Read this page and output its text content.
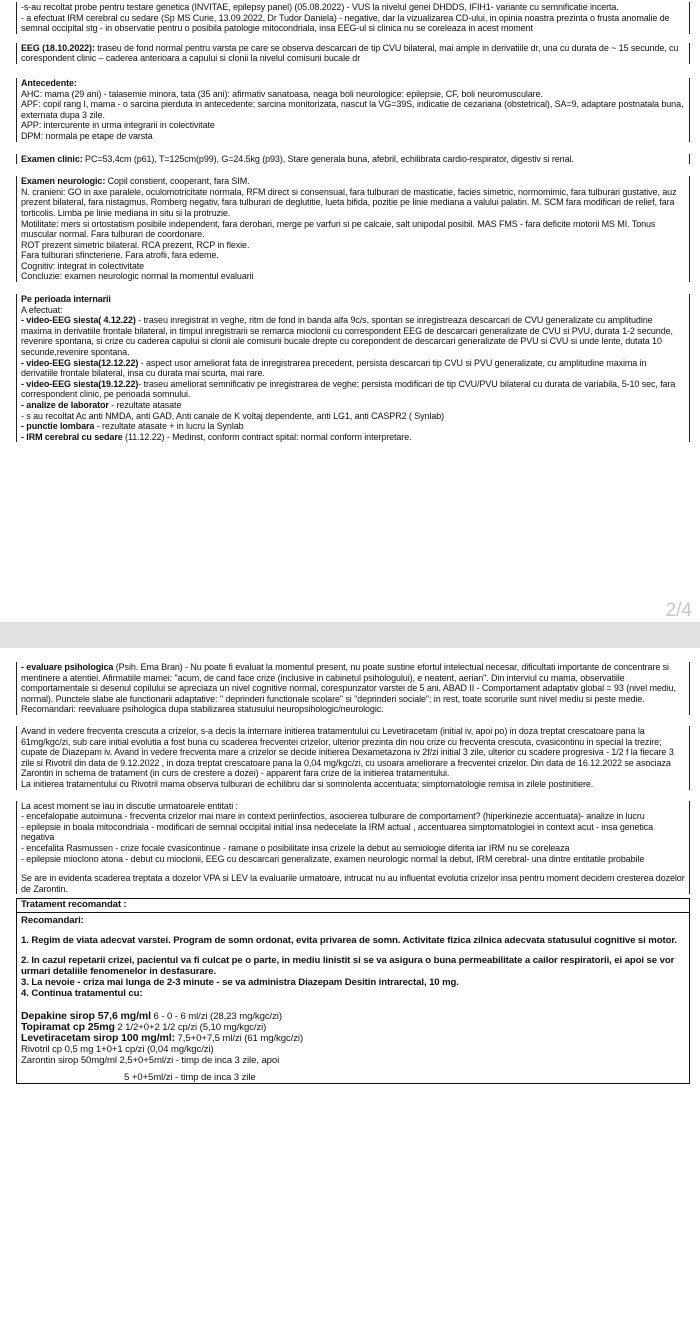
-s-au recoltat probe pentru testare genetica (INVITAE, epilepsy panel) (05.08.2022) - VUS la nivelul genei DHDDS, IFIH1- variante cu semnificatie incerta.

- a efectuat IRM cerebral cu sedare (Sp MS Curie, 13.09.2022, Dr Tudor Daniela) - negative, dar la vizualizarea CD-ului, in opinia noastra prezinta o frusta anomalie de semnal occipital stg - in observatie pentru o posibila patologie mitocondriala, insa EEG-ul si clinica nu se coreleaza in acest moment

EEG (18.10.2022): traseu de fond normal pentru varsta pe care se observa descarcari de tip CVU bilateral, mai ample in derivatiile dr, una cu durata de ~ 15 secunde, cu corespondent clinic – caderea anterioara a capului si clonii la nivelul comisurii bucale dr

Antecedente:

AHC: mama (29 ani) - talasemie minora, tata (35 ani): afirmativ sanatoasa, neaga boli neurologice: epilepsie, CF, boli neuromusculare.

APF: copil rang I, mama - o sarcina pierduta in antecedente; sarcina monitorizata, nascut la VG=39S, indicatie de cezariana (obstetrical), SA=9, adaptare postnatala buna, externata dupa 3 zile.

APP: intercurente in urma integrarii in colectivitate

DPM: normala pe etape de varsta

Examen clinic: PC=53,4cm (p61), T=125cm(p99), G=24.5kg (p93), Stare generala buna, afebril, echilibrata cardio-respirator, digestiv si renal.

Examen neurologic: Copil constient, cooperant, fara SIM.

N. cranieni: GO in axe paralele, oculomotricitate normala, RFM direct si consensual, fara tulburari de masticatie, facies simetric, normomimic, fara tulburari gustative, auz prezent bilateral, fara nistagmus, Romberg negativ, fara tulburari de deglutitie, lueta bifida, pozitie pe linie mediana a valului palatin. M. SCM fara modificari de relief, fara torticolis. Limba pe linie mediana in situ si la protruzie.

Motilitate: mers si ortostatism posibile independent, fara derobari, merge pe varfuri si pe calcaie, salt unipodal posibil. MAS FMS - fara deficite motorii MS MI. Tonus muscular normal. Fara tulburari de coordonare.

ROT prezent simetric bilateral. RCA prezent, RCP in flexie.

Fara tulburari sfincteriene. Fara atrofii, fara edeme.

Cognitiv: integrat in colectivitate

Concluzie: examen neurologic normal la momentul evaluarii

Pe perioada internarii

A efectuat:

- video-EEG siesta( 4.12.22) - traseu inregistrat in veghe, ritm de fond in banda alfa 9c/s, spontan se inregistreaza descarcari de CVU generalizate cu amplitudine maxima in derivatiile frontale bilateral, in timpul inregistrarii se remarca mioclonii cu correspondent EEG de descarcari generalizate de CVU si PVU, durata 1-2 secunde, revenire spontana, si crize cu caderea capului si clonii ale comisurii bucale drepte cu corepondent de descarcari generalizate de PVU si CVU si unde lente, dutata 10 secunde,revenire spontana.

- video-EEG siesta(12.12.22) - aspect usor ameliorat fata de inregistrarea precedent, persista descarcari tip CVU si PVU generalizate, cu amplitudine maxima in derivatiile frontale bilateral, insa cu durata mai scurta, mai rare.

- video-EEG siesta(19.12.22)- traseu ameliorat semnificativ pe inregistrarea de veghe; persista modificari de tip CVU/PVU bilateral cu durata de variabila, 5-10 sec, fara correspondent clinic, pe perioada somnului.

- analize de laborator - rezultate atasate

- s au recoltat Ac anti NMDA, anti GAD, Anti canale de K voltaj dependente, anti LG1, anti CASPR2 ( Synlab)

- punctie lombara - rezultate atasate + in lucru la Synlab

- IRM cerebral cu sedare (11.12.22) - Medinst, conform contract spital: normal conform interpretare.

2/4

- evaluare psihologica (Psih. Ema Bran) - Nu poate fi evaluat la momentul present, nu poate sustine efortul intelectual necesar, dificultati importante de concentrare si mentinere a atentiei. Afirmatiile mamei: "acum, de cand face crize (inclusive in cabinetul psihologului), e neatent, aerian". Din interviul cu mama, observatiile comportamentale si desenul copilului se apreciaza un nivel cognitive normal, corespunzator varstei de 5 ani. ABAD II - Comportament adaptativ global = 93 (nivel mediu, normal). Punctele slabe ale functionarii adaptative: " deprinderi functionale scolare" si "deprinderi sociale"; in rest, toate scorurile sunt nivel mediu si peste medie. Recomandari: reevaluare psihologica dupa stabilizarea statusului neuropsihologic/neurologic.

Avand in vedere frecventa crescuta a crizelor, s-a decis la internare initierea tratamentului cu Levetiracetam (initial iv, apoi po) in doza treptat crescatoare pana la 61mg/kgc/zi, sub care initial evolutia a fost buna cu scaderea frecventei crizelor, ulterior prezinta din nou crize cu frecventa crescuta, cvasicontinu in special la trezire; cupate de Diazepam iv. Avand in vedere frecventa mare a crizelor se decide initierea Dexametazona iv 2f/zi initial 3 zile, ulterior cu scadere progresiva - 1/2 f la fiecare 3 zile si Rivotril din data de 9.12.2022 , in doza treptat crescatoare pana la 0,04 mg/kgc/zi, cu usoara ameliorare a frecventei crizelor. Din data de 16.12.2022 se asociaza Zarontin in schema de tratament (in curs de crestere a dozei) - apparent fara crize de la initierea tratamentului.

La initierea tratamentului cu Rivotril mama observa tulburari de echilibru dar si somnolenta accentuata; simptomatologie remisa in zilele postinitiere.

La acest moment se iau in discutie urmatoarele entitati :

- encefalopatie autoimuna - frecventa crizelor mai mare in context periinfectios, asocierea tulburare de comportament? (hiperkinezie accentuata)- analize in lucru

- epilepsie in boala mitocondriala - modificari de semnal occipital initial insa nedecelate la IRM actual , accentuarea simptomatologiei in context acut - insa genetica negativa

- encefalita Rasmussen - crize focale cvasicontinue - ramane o posibilitate insa crizele la debut au semiologie diferita iar IRM nu se coreleaza

- epilepsie mioclono atona - debut cu mioclonii, EEG cu descarcari generalizate, examen neurologic normal la debut, IRM cerebral- una dintre entitatile probabile

Se are in evidenta scaderea treptata a dozelor VPA si LEV la evaluarile urmatoare, intrucat nu au influentat evolutia crizelor insa pentru moment decidem cresterea dozelor de Zarontin.

Tratament recomandat :

Recomandari:

1. Regim de viata adecvat varstei. Program de somn ordonat, evita privarea de somn. Activitate fizica zilnica adecvata statusului cognitive si motor.

2. In cazul repetarii crizei, pacientul va fi culcat pe o parte, in mediu linistit si se va asigura o buna permeabilitate a cailor respiratorii, ei apoi se vor urmari detaliile fenomenelor in desfasurare.

3. La nevoie - criza mai lunga de 2-3 minute - se va administra Diazepam Desitin intrarectal, 10 mg.

4. Continua tratamentul cu:

Depakine sirop 57,6 mg/ml 6 - 0 - 6 ml/zi (28,23 mg/kgc/zi)

Topiramat cp 25mg 2 1/2+0+2 1/2 cp/zi (5,10 mg/kgc/zi)

Levetiracetam sirop 100 mg/ml: 7,5+0+7,5 ml/zi (61 mg/kgc/zi)

Rivotril cp 0,5 mg 1+0+1 cp/zi (0,04 mg/kgc/zi)

Zarontin sirop 50mg/ml 2,5+0+5ml/zi - timp de inca 3 zile, apoi

5 +0+5ml/zi - timp de inca 3 zile
